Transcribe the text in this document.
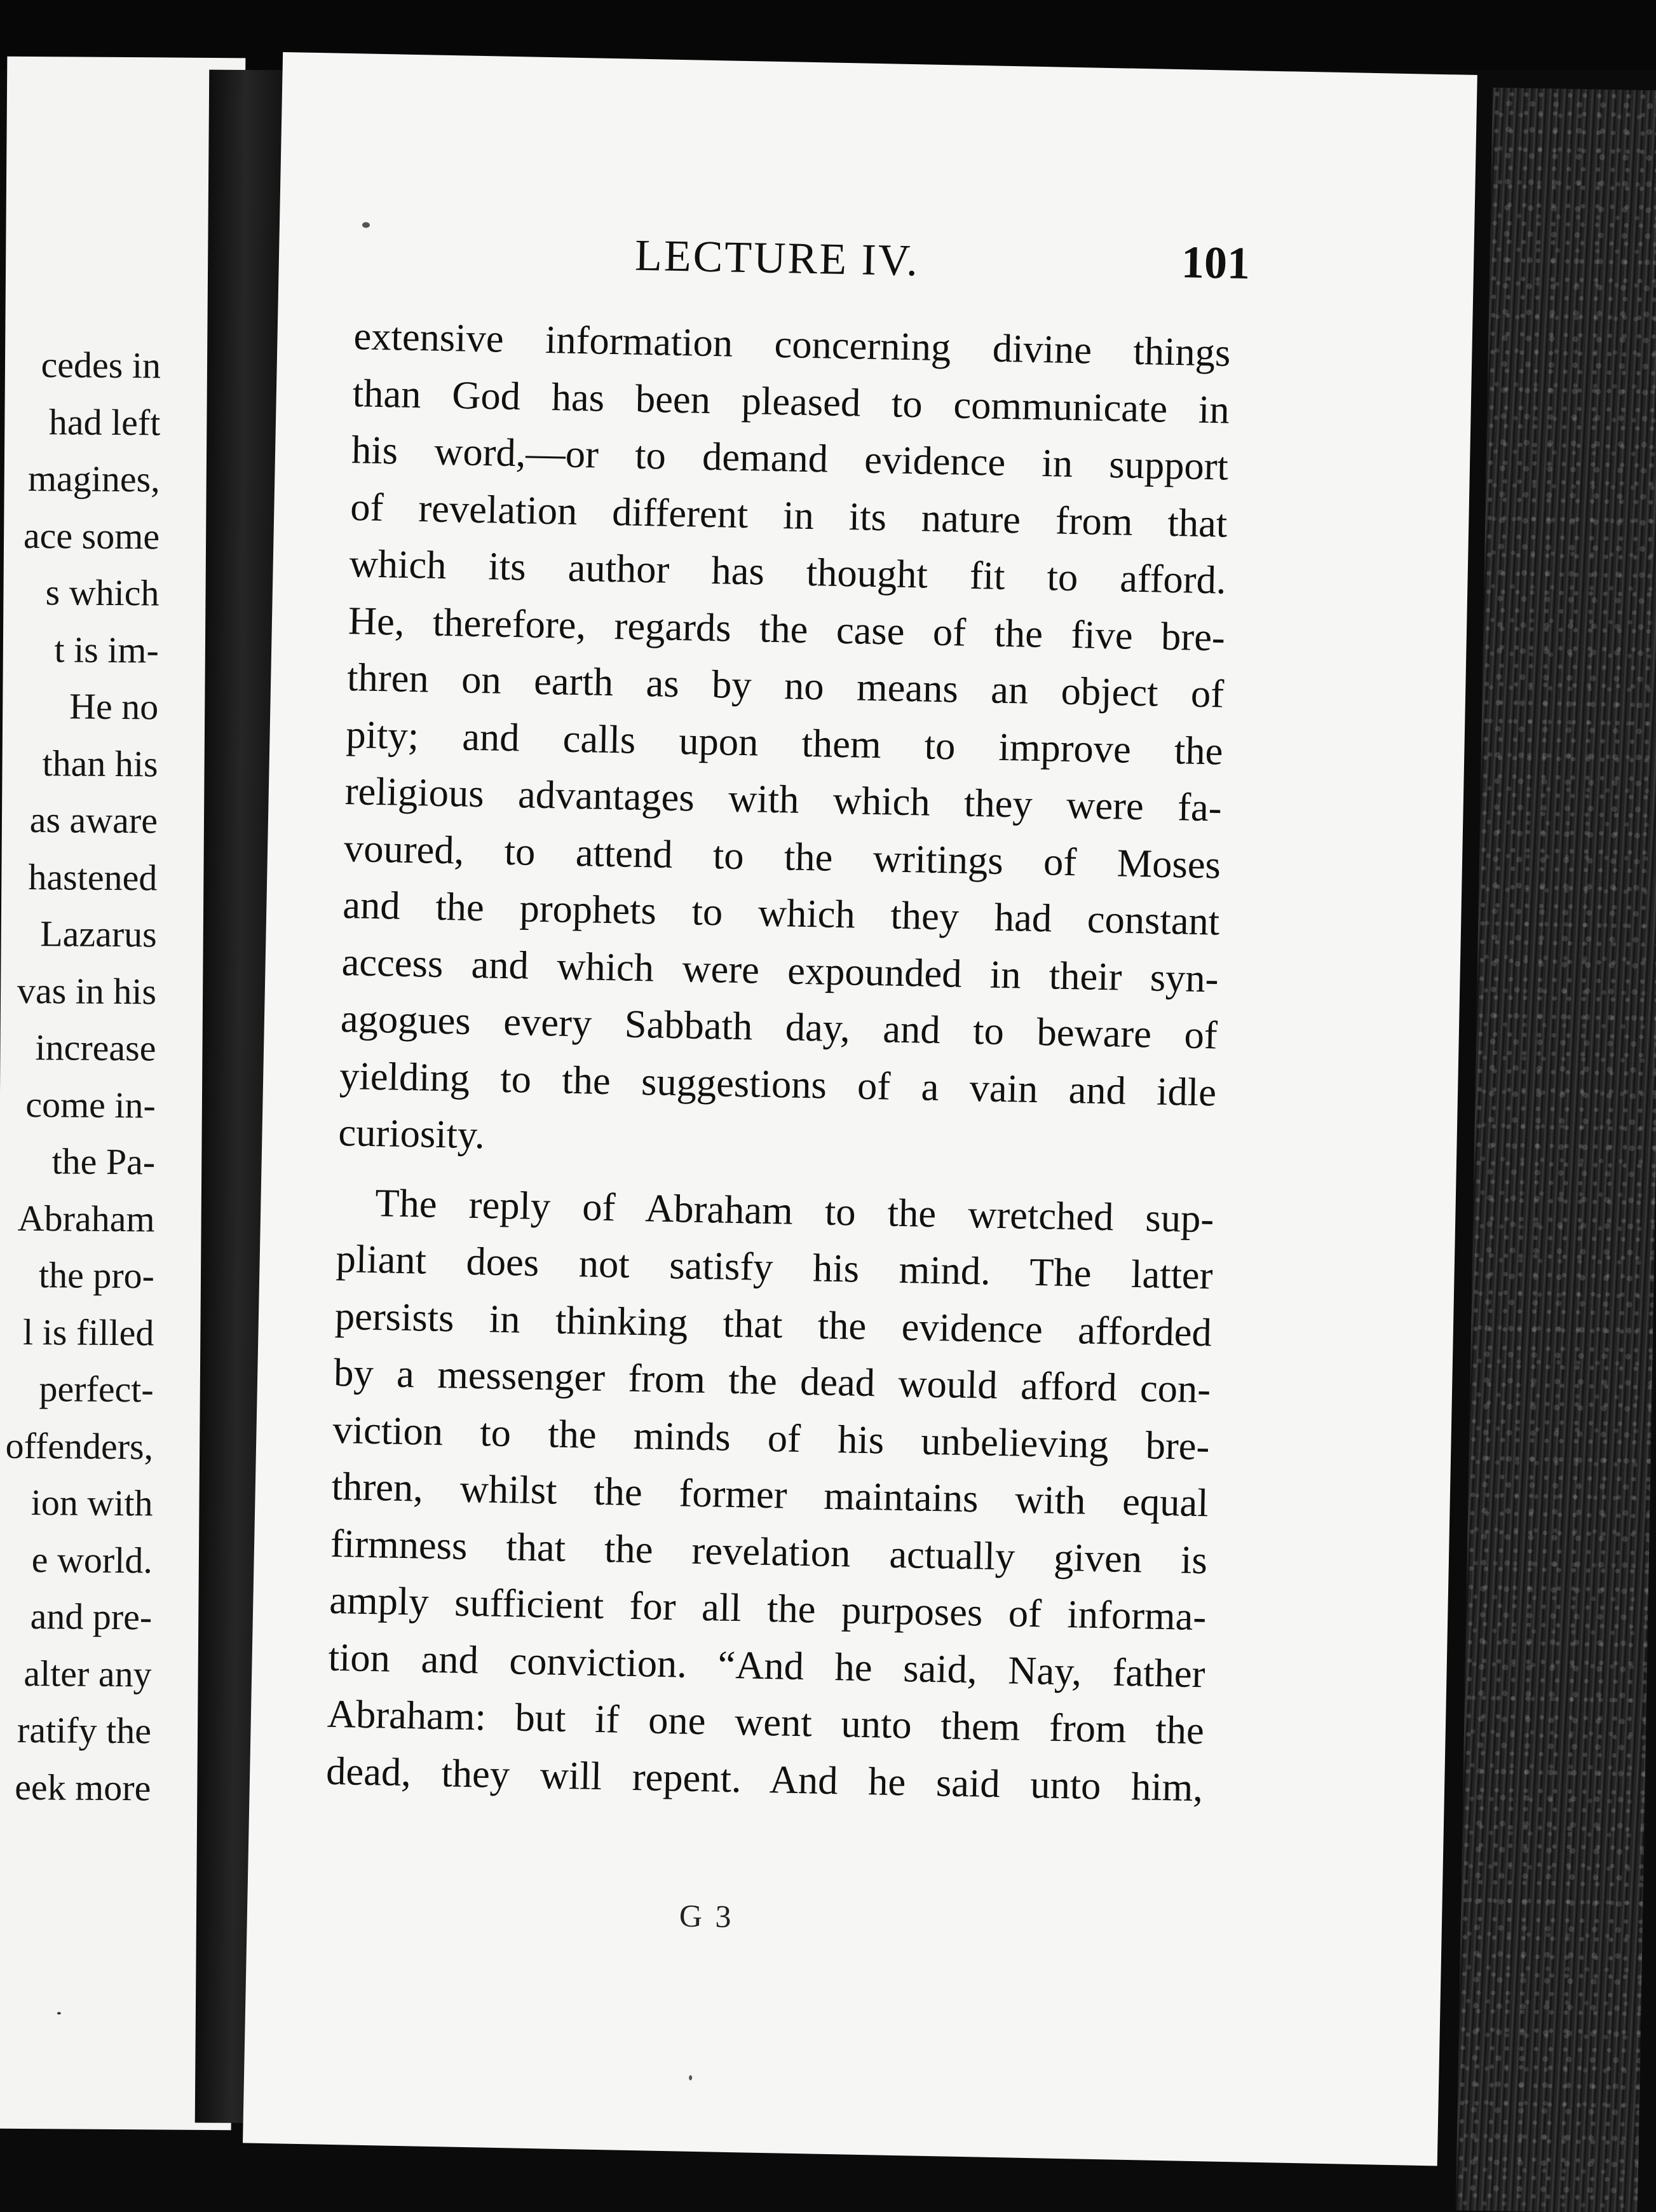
cedes in
had left
magines,
ace some
s which
t is im-
He no
than his
as aware
hastened
Lazarus
vas in his
increase
come in-
the Pa-
Abraham
the pro-
l is filled
perfect-
offenders,
ion with
e world.
and pre-
alter any
ratify the
eek more
LECTURE IV.	101
extensive information concerning divine things
than God has been pleased to communicate in
his word,—or to demand evidence in support
of revelation different in its nature from that
which its author has thought fit to afford.
He, therefore, regards the case of the five bre-
thren on earth as by no means an object of
pity; and calls upon them to improve the
religious advantages with which they were fa-
voured, to attend to the writings of Moses
and the prophets to which they had constant
access and which were expounded in their syn-
agogues every Sabbath day, and to beware of
yielding to the suggestions of a vain and idle
curiosity.
The reply of Abraham to the wretched sup-
pliant does not satisfy his mind. The latter
persists in thinking that the evidence afforded
by a messenger from the dead would afford con-
viction to the minds of his unbelieving bre-
thren, whilst the former maintains with equal
firmness that the revelation actually given is
amply sufficient for all the purposes of informa-
tion and conviction. “And he said, Nay, father
Abraham: but if one went unto them from the
dead, they will repent. And he said unto him,
G 3
